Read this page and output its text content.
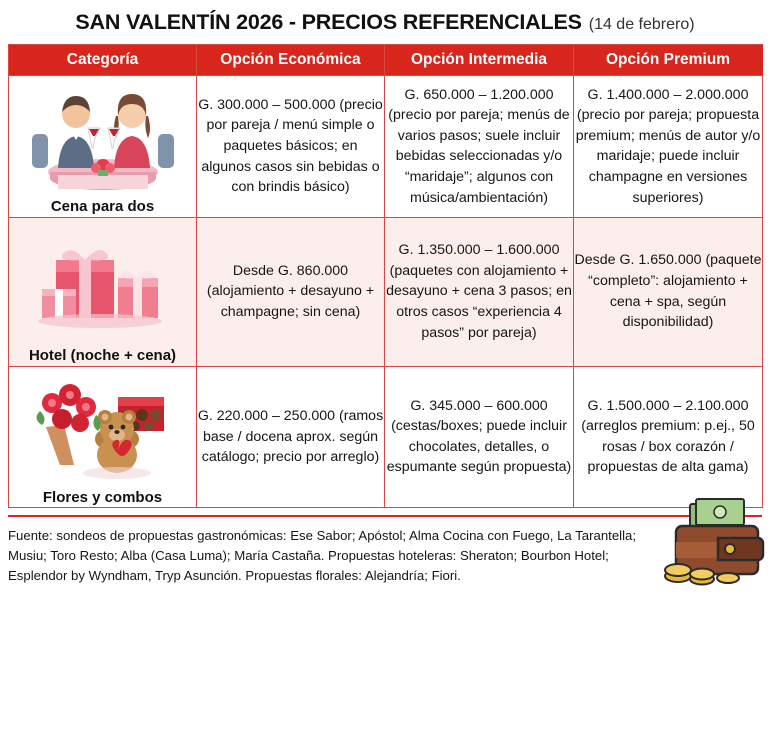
SAN VALENTÍN 2026 - PRECIOS REFERENCIALES (14 de febrero)
Categoría	Opción Económica	Opción Intermedia	Opción Premium

Cena para dos	G. 300.000 – 500.000 (precio por pareja / menú simple o paquetes básicos; en algunos casos sin bebidas o con brindis básico)	G. 650.000 – 1.200.000 (precio por pareja; menús de varios pasos; suele incluir bebidas seleccionadas y/o “maridaje”; algunos con música/ambientación)	G. 1.400.000 – 2.000.000 (precio por pareja; propuesta premium; menús de autor y/o maridaje; puede incluir champagne en versiones superiores)

Hotel (noche + cena)	Desde G. 860.000 (alojamiento + desayuno + champagne; sin cena)	G. 1.350.000 – 1.600.000 (paquetes con alojamiento + desayuno + cena 3 pasos; en otros casos “experiencia 4 pasos” por pareja)	Desde G. 1.650.000 (paquete “completo”: alojamiento + cena + spa, según disponibilidad)

Flores y combos	G. 220.000 – 250.000 (ramos base / docena aprox. según catálogo; precio por arreglo)	G. 345.000 – 600.000 (cestas/boxes; puede incluir chocolates, detalles, o espumante según propuesta)	G. 1.500.000 – 2.100.000 (arreglos premium: p.ej., 50 rosas / box corazón / propuestas de alta gama)
Fuente: sondeos de propuestas gastronómicas: Ese Sabor; Apóstol; Alma Cocina con Fuego, La Tarantella; Musiu; Toro Resto; Alba (Casa Luma); María Castaña. Propuestas hoteleras: Sheraton; Bourbon Hotel; Esplendor by Wyndham, Tryp Asunción. Propuestas florales: Alejandría; Fiori.
